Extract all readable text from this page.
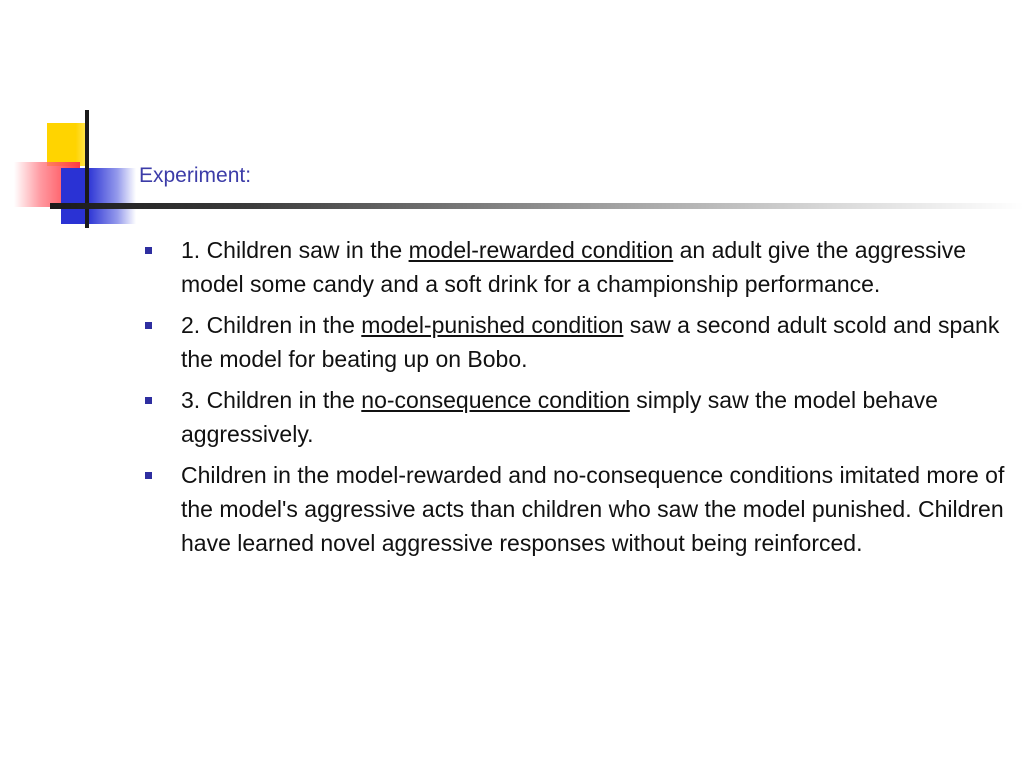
Experiment:
1. Children saw in the model-rewarded condition an adult give the aggressive model some candy and a soft drink for a championship performance.
2. Children in the model-punished condition saw a second adult scold and spank the model for beating up on Bobo.
3. Children in the no-consequence condition simply saw the model behave aggressively.
Children in the model-rewarded and no-consequence conditions imitated more of the model's aggressive acts than children who saw the model punished. Children have learned novel aggressive responses without being reinforced.
